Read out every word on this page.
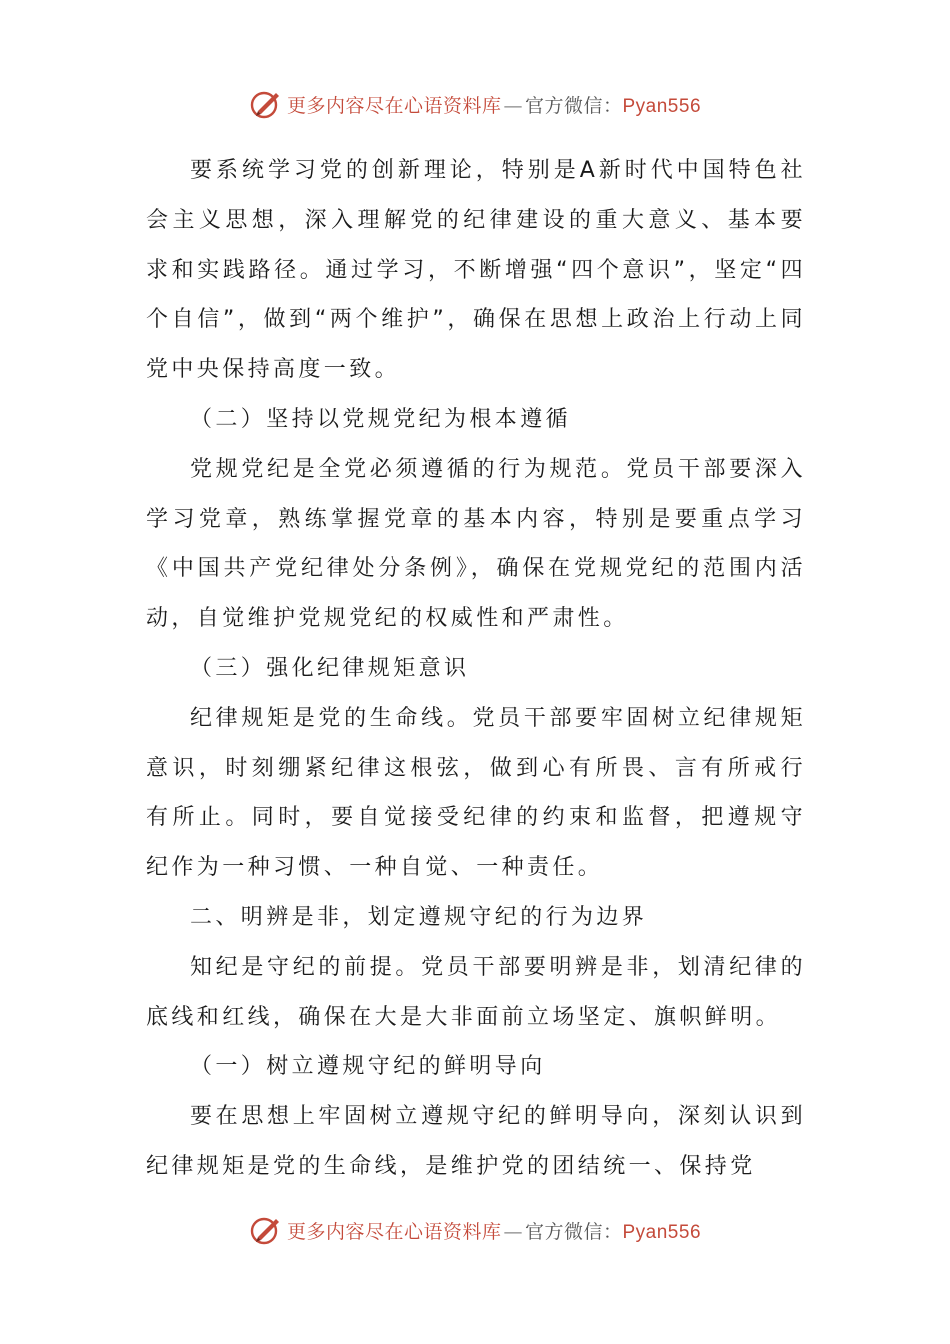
更多内容尽在心语资料库 — 官方微信：Pyan556

要系统学习党的创新理论，特别是A新时代中国特色社会主义思想，深入理解党的纪律建设的重大意义、基本要求和实践路径。通过学习，不断增强“四个意识”，坚定“四个自信”，做到“两个维护”，确保在思想上政治上行动上同党中央保持高度一致。

（二）坚持以党规党纪为根本遵循

党规党纪是全党必须遵循的行为规范。党员干部要深入学习党章，熟练掌握党章的基本内容，特别是要重点学习《中国共产党纪律处分条例》，确保在党规党纪的范围内活动，自觉维护党规党纪的权威性和严肃性。

（三）强化纪律规矩意识

纪律规矩是党的生命线。党员干部要牢固树立纪律规矩意识，时刻绷紧纪律这根弦，做到心有所畏、言有所戒行有所止。同时，要自觉接受纪律的约束和监督，把遵规守纪作为一种习惯、一种自觉、一种责任。

二、明辨是非，划定遵规守纪的行为边界

知纪是守纪的前提。党员干部要明辨是非，划清纪律的底线和红线，确保在大是大非面前立场坚定、旗帜鲜明。

（一）树立遵规守纪的鲜明导向

要在思想上牢固树立遵规守纪的鲜明导向，深刻认识到纪律规矩是党的生命线，是维护党的团结统一、保持党

更多内容尽在心语资料库 — 官方微信：Pyan556
